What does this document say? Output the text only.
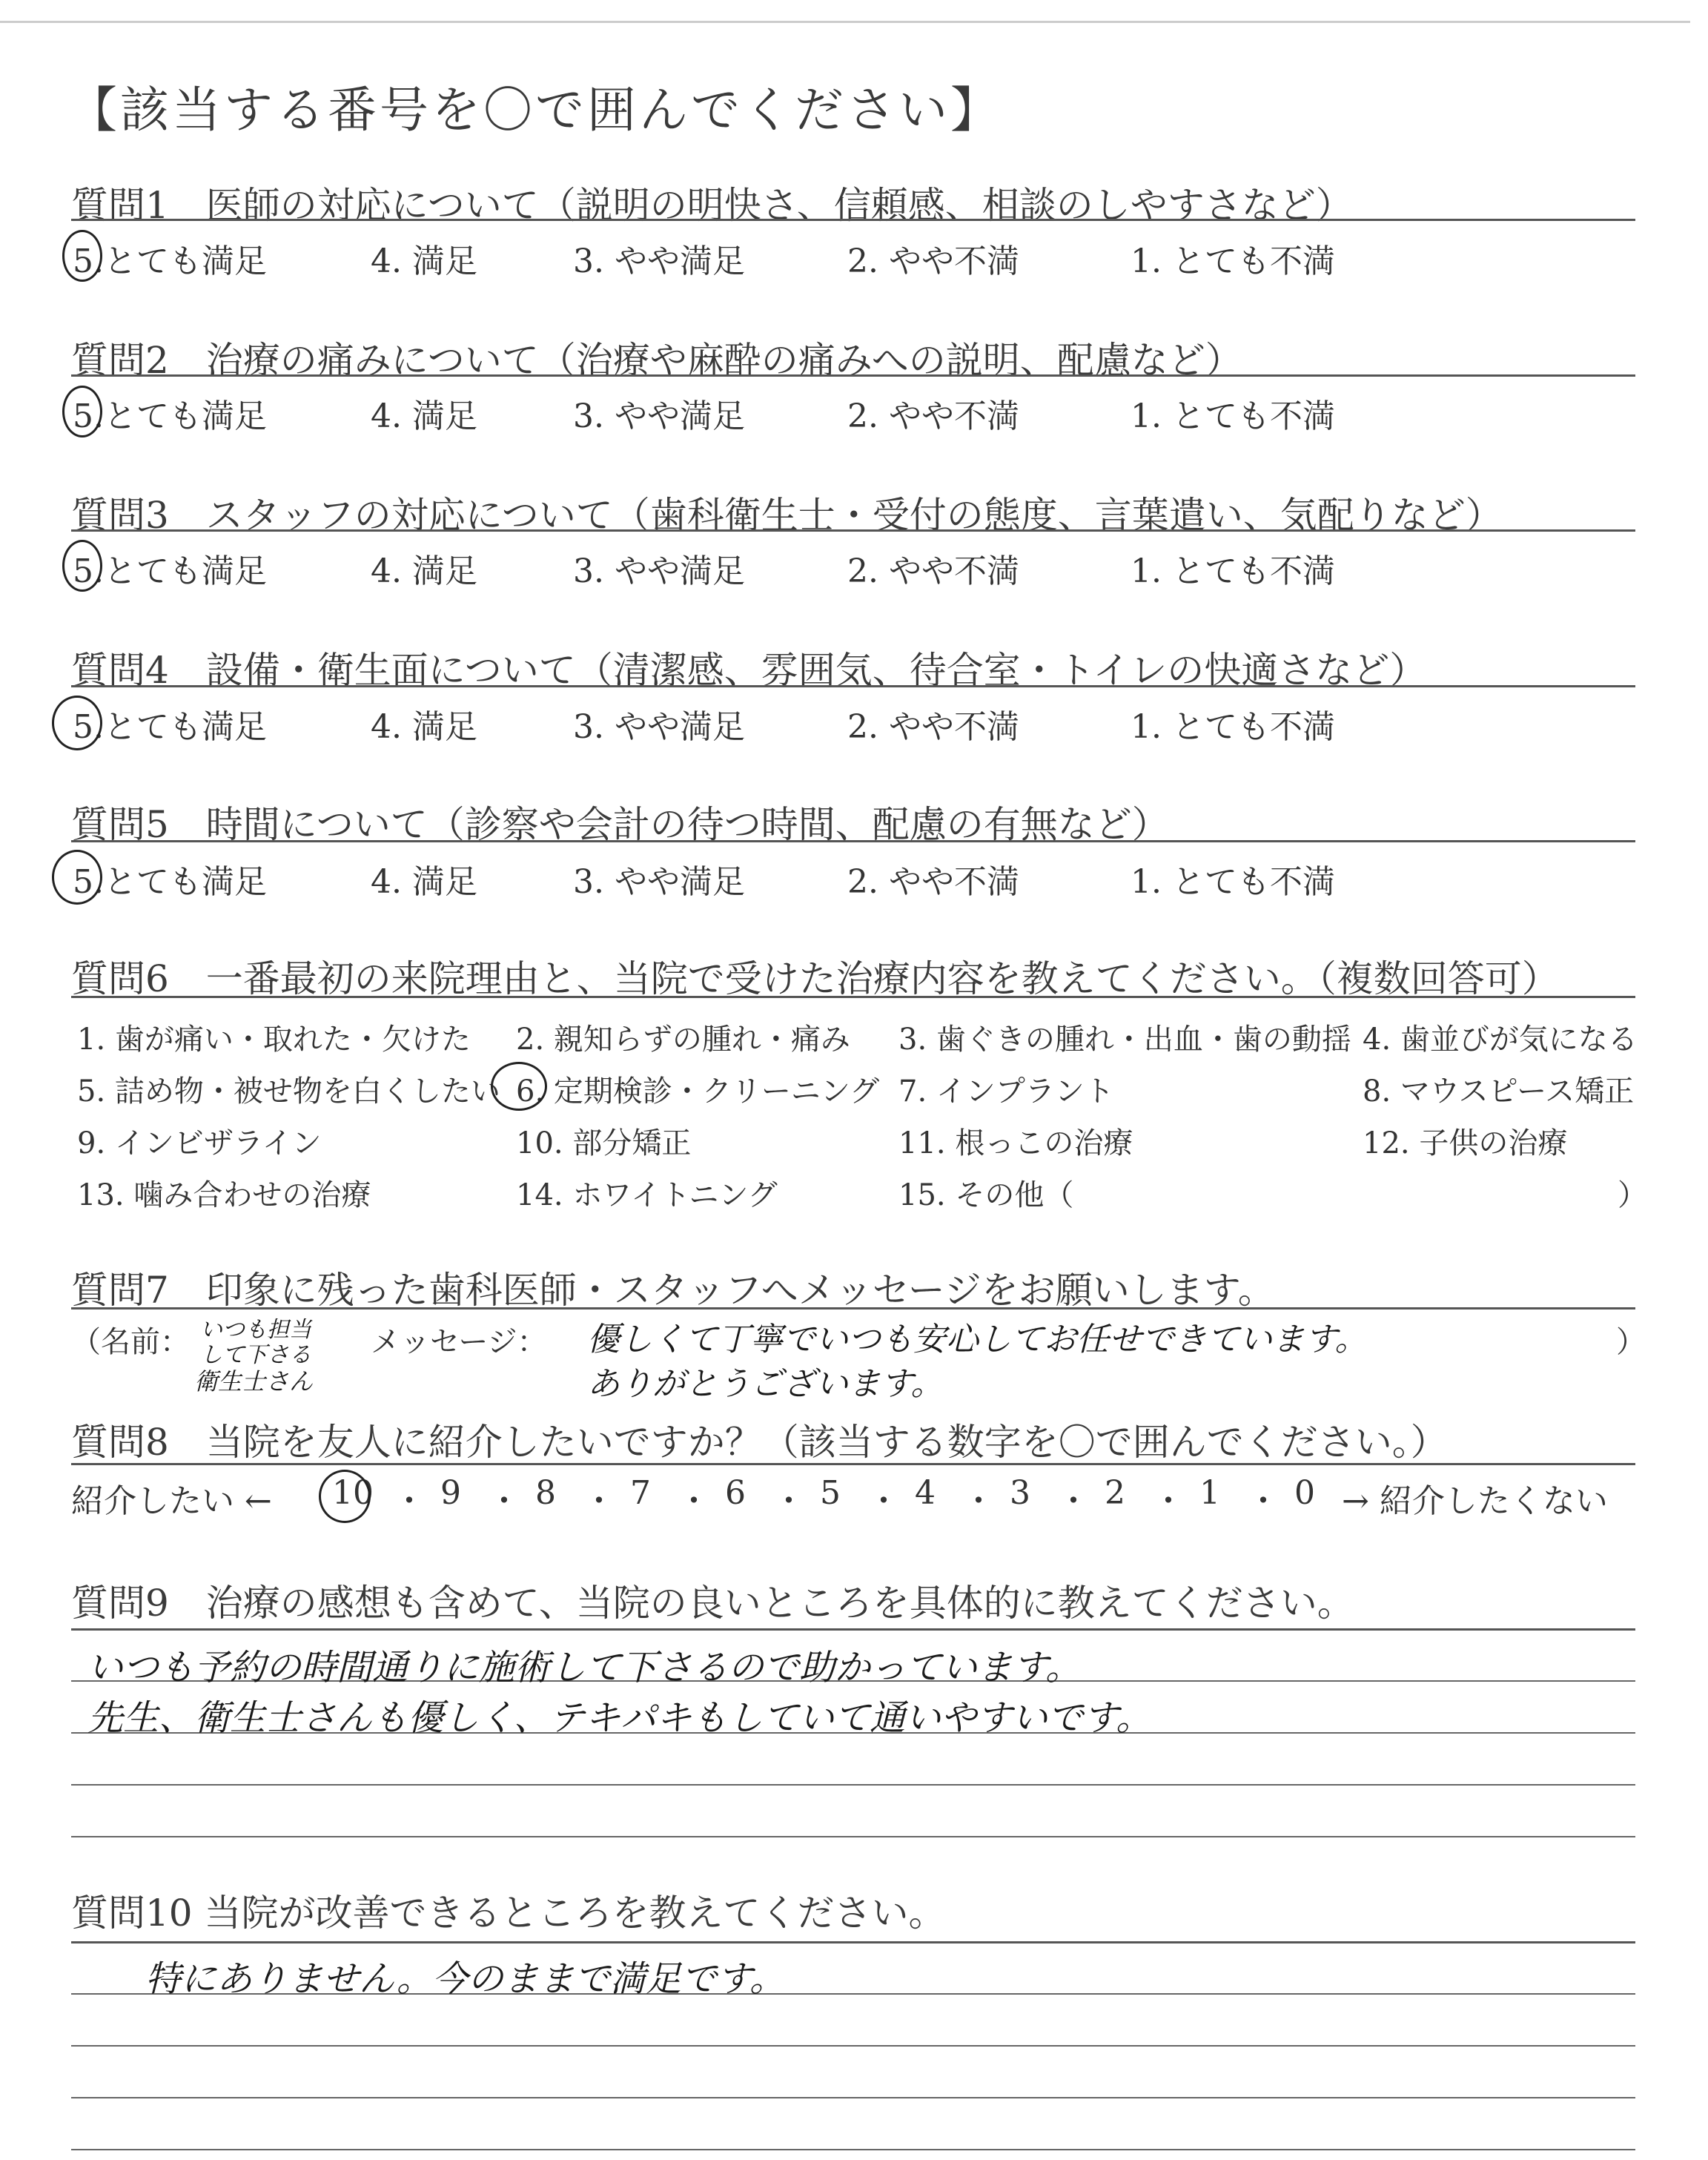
【該当する番号を〇で囲んでください】
質問1　医師の対応について（説明の明快さ、信頼感、相談のしやすさなど）
5.とても満足	4. 満足	3. やや満足	2. やや不満	1. とても不満
質問2　治療の痛みについて（治療や麻酔の痛みへの説明、配慮など）
5.とても満足	4. 満足	3. やや満足	2. やや不満	1. とても不満
質問3　スタッフの対応について（歯科衛生士・受付の態度、言葉遣い、気配りなど）
5.とても満足	4. 満足	3. やや満足	2. やや不満	1. とても不満
質問4　設備・衛生面について（清潔感、雰囲気、待合室・トイレの快適さなど）
5.とても満足	4. 満足	3. やや満足	2. やや不満	1. とても不満
質問5　時間について（診察や会計の待つ時間、配慮の有無など）
5.とても満足	4. 満足	3. やや満足	2. やや不満	1. とても不満
質問6　一番最初の来院理由と、当院で受けた治療内容を教えてください。（複数回答可）
1. 歯が痛い・取れた・欠けた 2. 親知らずの腫れ・痛み 3. 歯ぐきの腫れ・出血・歯の動揺 4. 歯並びが気になる
5. 詰め物・被せ物を白くしたい 6. 定期検診・クリーニング 7. インプラント	8. マウスピース矯正
9. インビザライン	10. 部分矯正	11. 根っこの治療	12. 子供の治療
13. 噛み合わせの治療	14. ホワイトニング	15. その他（	）
質問7　印象に残った歯科医師・スタッフへメッセージをお願いします。
（名前： いつも担当
して下さる
衛生士さん
メッセージ： 優しくて丁寧でいつも安心してお任せできています。
ありがとうございます。
）
質問8　当院を友人に紹介したいですか？（該当する数字を〇で囲んでください。）
紹介したい ← 10 ・ 9 ・ 8 ・ 7 ・ 6 ・ 5 ・ 4 ・ 3 ・ 2 ・ 1 ・ 0 → 紹介したくない
質問9　治療の感想も含めて、当院の良いところを具体的に教えてください。
いつも予約の時間通りに施術して下さるので助かっています。
先生、衛生士さんも優しく、テキパキもしていて通いやすいです。
質問10 当院が改善できるところを教えてください。
特にありません。今のままで満足です。
